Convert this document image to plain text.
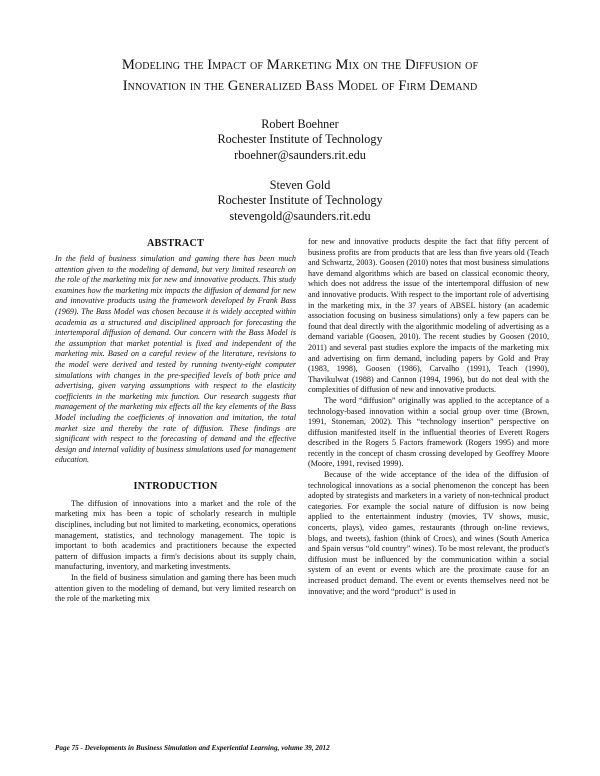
Modeling the Impact of Marketing Mix on the Diffusion of
Innovation in the Generalized Bass Model of Firm Demand
Robert Boehner
Rochester Institute of Technology
rboehner@saunders.rit.edu
Steven Gold
Rochester Institute of Technology
stevengold@saunders.rit.edu
ABSTRACT

In the field of business simulation and gaming there has been much attention given to the modeling of demand, but very limited research on the role of the marketing mix for new and innovative products. This study examines how the marketing mix impacts the diffusion of demand for new and innovative products using the framework developed by Frank Bass (1969). The Bass Model was chosen because it is widely accepted within academia as a structured and disciplined approach for forecasting the intertemporal diffusion of demand. Our concern with the Bass Model is the assumption that market potential is fixed and independent of the marketing mix. Based on a careful review of the literature, revisions to the model were derived and tested by running twenty-eight computer simulations with changes in the pre-specified levels of both price and advertising, given varying assumptions with respect to the elasticity coefficients in the marketing mix function. Our research suggests that management of the marketing mix effects all the key elements of the Bass Model including the coefficients of innovation and imitation, the total market size and thereby the rate of diffusion. These findings are significant with respect to the forecasting of demand and the effective design and internal validity of business simulations used for management education.

INTRODUCTION

The diffusion of innovations into a market and the role of the marketing mix has been a topic of scholarly research in multiple disciplines, including but not limited to marketing, economics, operations management, statistics, and technology management. The topic is important to both academics and practitioners because the expected pattern of diffusion impacts a firm's decisions about its supply chain, manufacturing, inventory, and marketing investments.

In the field of business simulation and gaming there has been much attention given to the modeling of demand, but very limited research on the role of the marketing mix

for new and innovative products despite the fact that fifty percent of business profits are from products that are less than five years old (Teach and Schwartz, 2003). Goosen (2010) notes that most business simulations have demand algorithms which are based on classical economic theory, which does not address the issue of the intertemporal diffusion of new and innovative products. With respect to the important role of advertising in the marketing mix, in the 37 years of ABSEL history (an academic association focusing on business simulations) only a few papers can be found that deal directly with the algorithmic modeling of advertising as a demand variable (Goosen, 2010). The recent studies by Goosen (2010, 2011) and several past studies explore the impacts of the marketing mix and advertising on firm demand, including papers by Gold and Pray (1983, 1998), Goosen (1986), Carvalho (1991), Teach (1990), Thavikulwat (1988) and Cannon (1994, 1996), but do not deal with the complexities of diffusion of new and innovative products.

The word “diffusion” originally was applied to the acceptance of a technology-based innovation within a social group over time (Brown, 1991, Stoneman, 2002). This “technology insertion” perspective on diffusion manifested itself in the influential theories of Everett Rogers described in the Rogers 5 Factors framework (Rogers 1995) and more recently in the concept of chasm crossing developed by Geoffrey Moore (Moore, 1991, revised 1999).

Because of the wide acceptance of the idea of the diffusion of technological innovations as a social phenomenon the concept has been adopted by strategists and marketers in a variety of non-technical product categories. For example the social nature of diffusion is now being applied to the entertainment industry (movies, TV shows, music, concerts, plays), video games, restaurants (through on-line reviews, blogs, and tweets), fashion (think of Crocs), and wines (South America and Spain versus “old country” wines). To be most relevant, the product's diffusion must be influenced by the communication within a social system of an event or events which are the proximate cause for an increased product demand. The event or events themselves need not be innovative; and the word “product” is used in

Page 75 - Developments in Business Simulation and Experiential Learning, volume 39, 2012
